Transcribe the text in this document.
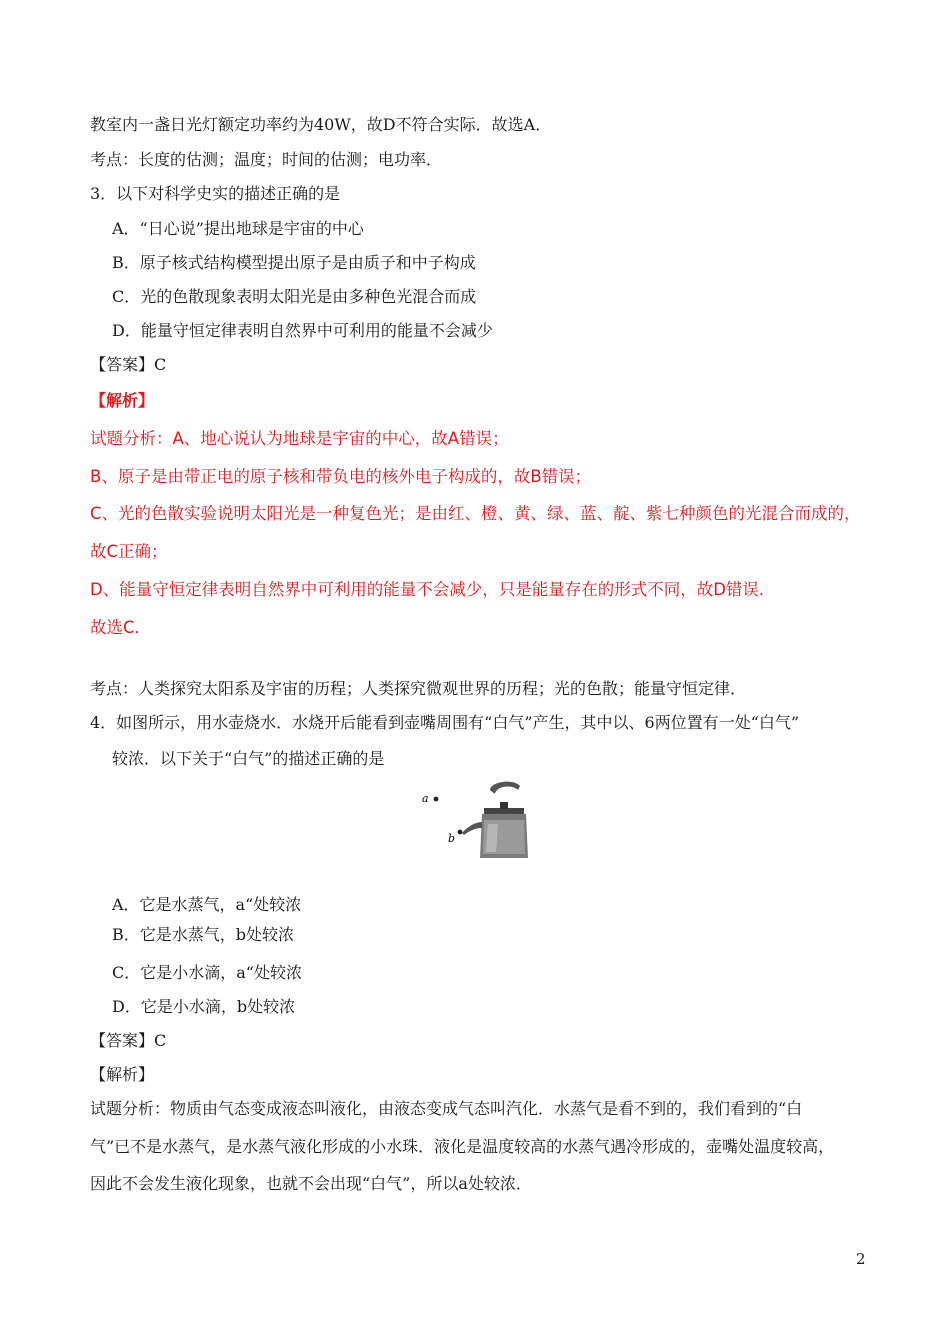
教室内一盏日光灯额定功率约为40W，故D不符合实际．故选A．
考点：长度的估测；温度；时间的估测；电功率．
3．以下对科学史实的描述正确的是
A．“日心说”提出地球是宇宙的中心
B．原子核式结构模型提出原子是由质子和中子构成
C．光的色散现象表明太阳光是由多种色光混合而成
D．能量守恒定律表明自然界中可利用的能量不会减少
【答案】C
【解析】
试题分析：A、地心说认为地球是宇宙的中心，故A错误；
B、原子是由带正电的原子核和带负电的核外电子构成的，故B错误；
C、光的色散实验说明太阳光是一种复色光；是由红、橙、黄、绿、蓝、靛、紫七种颜色的光混合而成的，
故C正确；
D、能量守恒定律表明自然界中可利用的能量不会减少，只是能量存在的形式不同，故D错误．
故选C．
考点：人类探究太阳系及宇宙的历程；人类探究微观世界的历程；光的色散；能量守恒定律．
4．如图所示，用水壶烧水．水烧开后能看到壶嘴周围有“白气”产生，其中以、6两位置有一处“白气”
较浓．以下关于“白气”的描述正确的是
a
b
A．它是水蒸气，a“处较浓
B．它是水蒸气，b处较浓
C．它是小水滴，a“处较浓
D．它是小水滴，b处较浓
【答案】C
【解析】
试题分析：物质由气态变成液态叫液化，由液态变成气态叫汽化．水蒸气是看不到的，我们看到的“白
气”已不是水蒸气，是水蒸气液化形成的小水珠．液化是温度较高的水蒸气遇冷形成的，壶嘴处温度较高，
因此不会发生液化现象，也就不会出现“白气”，所以a处较浓．
2
